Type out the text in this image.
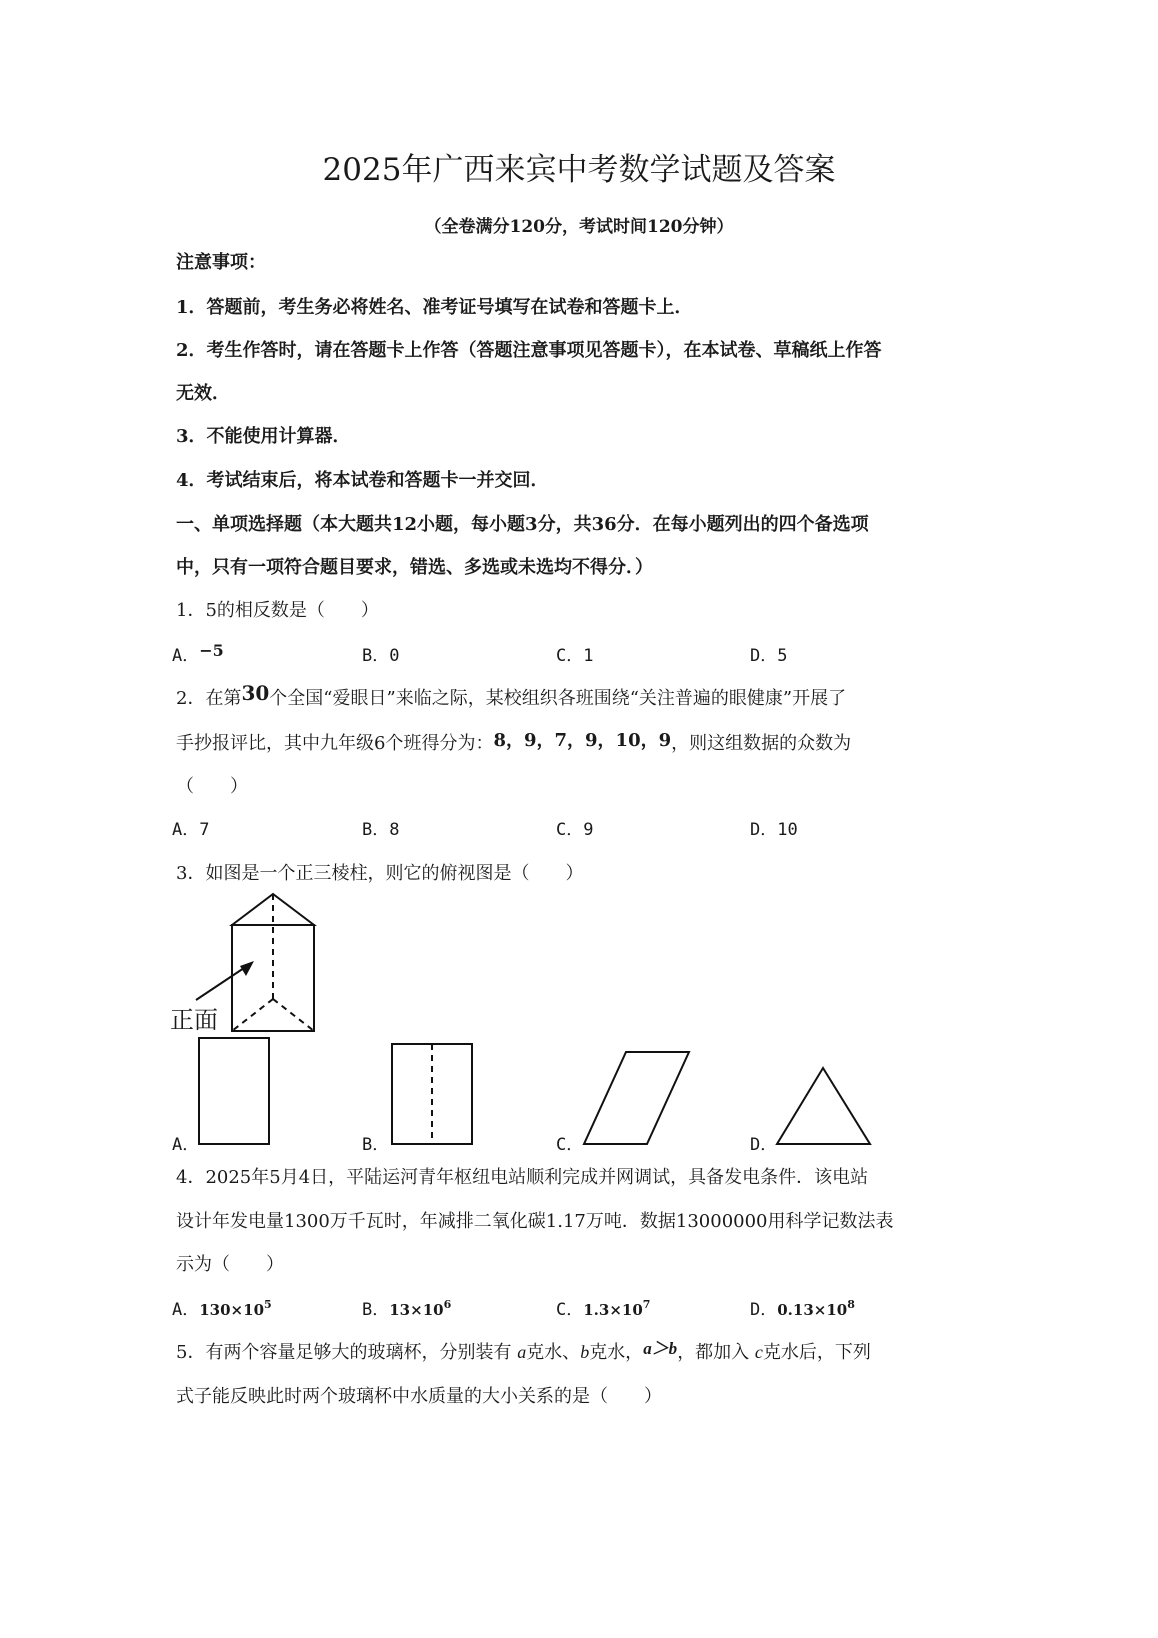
2025年广西来宾中考数学试题及答案
（全卷满分120分，考试时间120分钟）
注意事项：
1．答题前，考生务必将姓名、准考证号填写在试卷和答题卡上．
2．考生作答时，请在答题卡上作答（答题注意事项见答题卡），在本试卷、草稿纸上作答
无效．
3．不能使用计算器．
4．考试结束后，将本试卷和答题卡一并交回．
一、单项选择题（本大题共12小题，每小题3分，共36分．在每小题列出的四个备选项
中，只有一项符合题目要求，错选、多选或未选均不得分．）
1．5的相反数是（　　）
A．−5	B．0	C．1	D．5
2．在第30个全国“爱眼日”来临之际，某校组织各班围绕“关注普遍的眼健康”开展了
手抄报评比，其中九年级6个班得分为：8，9，7，9，10，9，则这组数据的众数为
（　　）
A．7	B．8	C．9	D．10
3．如图是一个正三棱柱，则它的俯视图是（　　）
正面
A．	B．	C．	D．
4．2025年5月4日，平陆运河青年枢纽电站顺利完成并网调试，具备发电条件．该电站
设计年发电量1300万千瓦时，年减排二氧化碳1.17万吨．数据13000000用科学记数法表
示为（　　）
A．$130\times 10^5$	B．$13\times 10^6$	C．$1.3\times 10^7$	D．$0.13\times 10^8$
5．有两个容量足够大的玻璃杯，分别装有 a克水、b克水，a＞b，都加入 c克水后，下列
式子能反映此时两个玻璃杯中水质量的大小关系的是（　　）
